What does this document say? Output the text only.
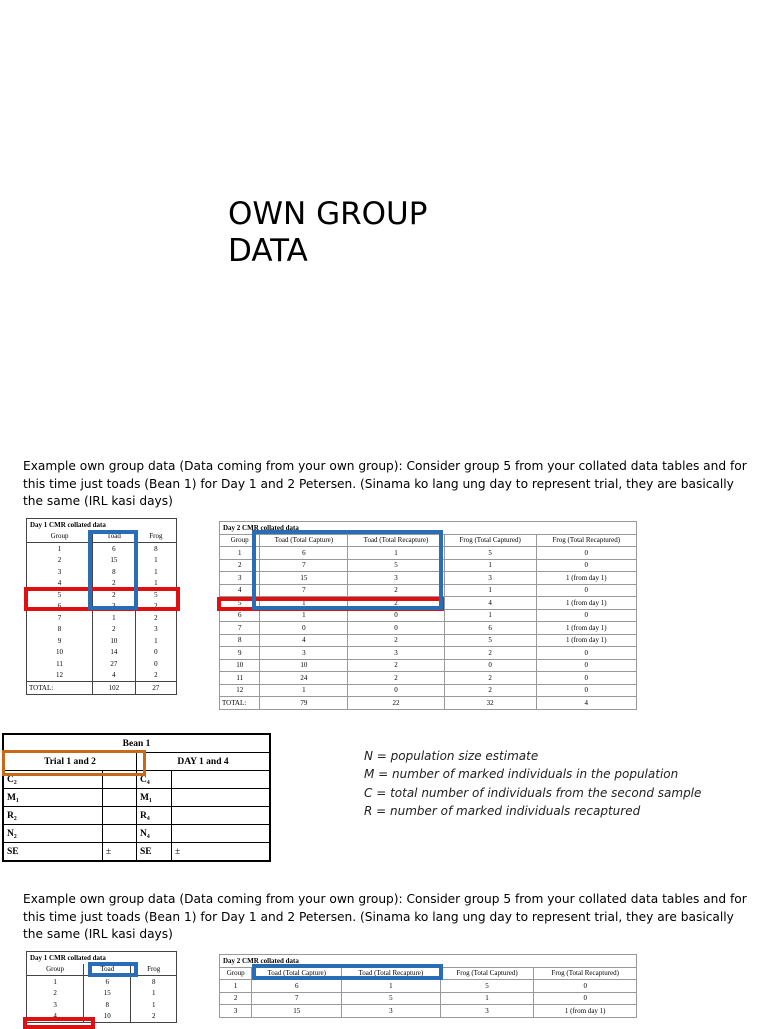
OWN GROUP
DATA
Example own group data (Data coming from your own group): Consider group 5 from your collated data tables and for this time just toads (Bean 1) for Day 1 and 2 Petersen. (Sinama ko lang ung day to represent trial, they are basically the same (IRL kasi days)
Day 1 CMR collated data		
Group	Toad	Frog
1	6	8
2	15	1
3	8	1
4	2	1
5	2	5
6	3	2
7	1	2
8	2	3
9	10	1
10	14	0
11	27	0
12	4	2
TOTAL:	102	27
Day 2 CMR collated data				
Group	Toad (Total Capture)	Toad (Total Recapture)	Frog (Total Captured)	Frog (Total Recaptured)
1	6	1	5	0
2	7	5	1	0
3	15	3	3	1 (from day 1)
4	7	2	1	0
5	1	2	4	1 (from day 1)
6	1	0	1	0
7	0	0	6	1 (from day 1)
8	4	2	5	1 (from day 1)
9	3	3	2	0
10	10	2	0	0
11	24	2	2	0
12	1	0	2	0
TOTAL:	79	22	32	4
Bean 1			
Trial 1 and 2		DAY 1 and 4	
C₂		C₄	
M₁		M₁	
R₂		R₄	
N₂		N₄	
SE	±	SE	±
N = population size estimate
M = number of marked individuals in the population
C = total number of individuals from the second sample
R = number of marked individuals recaptured
Example own group data (Data coming from your own group): Consider group 5 from your collated data tables and for this time just toads (Bean 1) for Day 1 and 2 Petersen. (Sinama ko lang ung day to represent trial, they are basically the same (IRL kasi days)
Day 1 CMR collated data		
Group	Toad	Frog
1	6	8
2	15	1
3	8	1
4	10	2
Day 2 CMR collated data				
Group	Toad (Total Capture)	Toad (Total Recapture)	Frog (Total Captured)	Frog (Total Recaptured)
1	6	1	5	0
2	7	5	1	0
3	15	3	3	1 (from day 1)
